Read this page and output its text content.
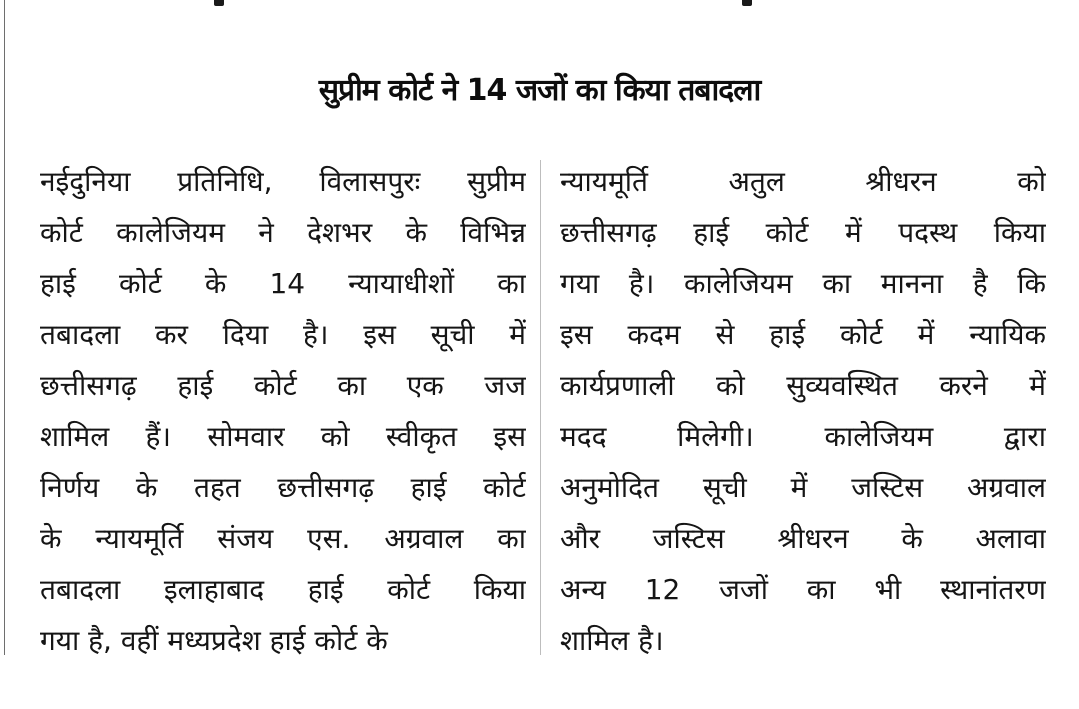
सुप्रीम कोर्ट ने 14 जजों का किया तबादला
नईदुनिया प्रतिनिधि, विलासपुरः सुप्रीम
कोर्ट कालेजियम ने देशभर के विभिन्न
हाई कोर्ट के 14 न्यायाधीशों का
तबादला कर दिया है। इस सूची में
छत्तीसगढ़ हाई कोर्ट का एक जज
शामिल हैं। सोमवार को स्वीकृत इस
निर्णय के तहत छत्तीसगढ़ हाई कोर्ट
के न्यायमूर्ति संजय एस. अग्रवाल का
तबादला इलाहाबाद हाई कोर्ट किया
गया है, वहीं मध्यप्रदेश हाई कोर्ट के
न्यायमूर्ति अतुल श्रीधरन को
छत्तीसगढ़ हाई कोर्ट में पदस्थ किया
गया है। कालेजियम का मानना है कि
इस कदम से हाई कोर्ट में न्यायिक
कार्यप्रणाली को सुव्यवस्थित करने में
मदद मिलेगी। कालेजियम द्वारा
अनुमोदित सूची में जस्टिस अग्रवाल
और जस्टिस श्रीधरन के अलावा
अन्य 12 जजों का भी स्थानांतरण
शामिल है।
